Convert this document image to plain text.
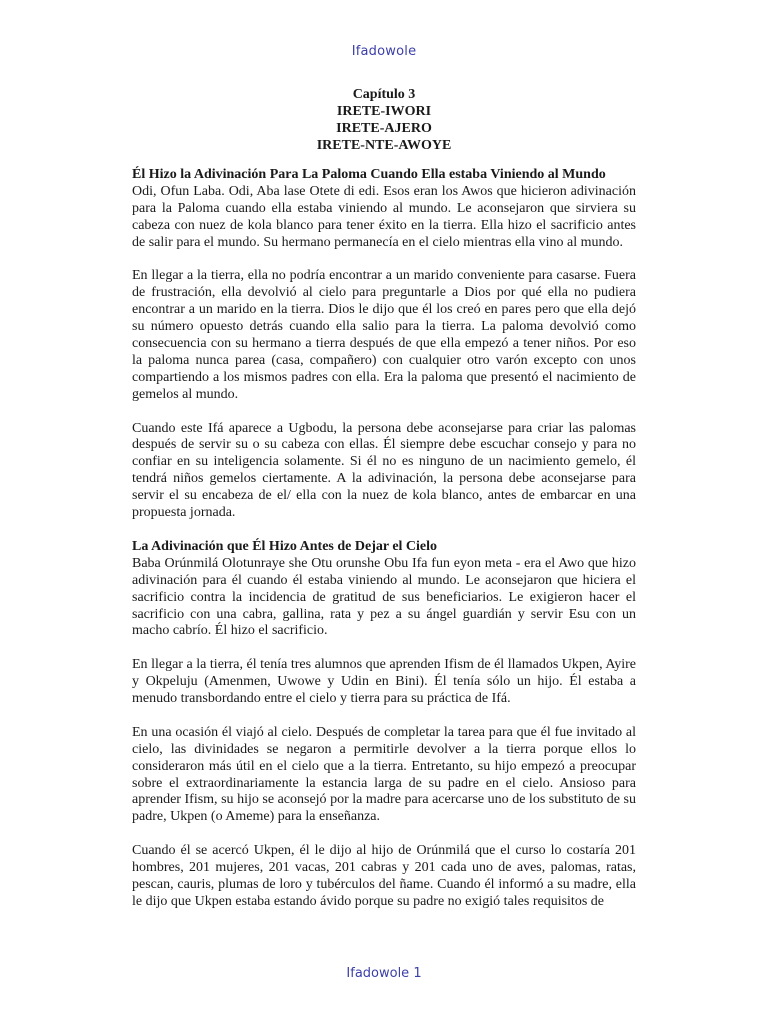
Ifadowole
Capítulo 3
IRETE-IWORI
IRETE-AJERO
IRETE-NTE-AWOYE

Él Hizo la Adivinación Para La Paloma Cuando Ella estaba Viniendo al Mundo

Odi, Ofun Laba. Odi, Aba lase Otete di edi. Esos eran los Awos que hicieron adivinación para la Paloma cuando ella estaba viniendo al mundo. Le aconsejaron que sirviera su cabeza con nuez de kola blanco para tener éxito en la tierra. Ella hizo el sacrificio antes de salir para el mundo. Su hermano permanecía en el cielo mientras ella vino al mundo.

En llegar a la tierra, ella no podría encontrar a un marido conveniente para casarse. Fuera de frustración, ella devolvió al cielo para preguntarle a Dios por qué ella no pudiera encontrar a un marido en la tierra. Dios le dijo que él los creó en pares pero que ella dejó su número opuesto detrás cuando ella salio para la tierra. La paloma devolvió como consecuencia con su hermano a tierra después de que ella empezó a tener niños. Por eso la paloma nunca parea (casa, compañero) con cualquier otro varón excepto con unos compartiendo a los mismos padres con ella. Era la paloma que presentó el nacimiento de gemelos al mundo.

Cuando este Ifá aparece a Ugbodu, la persona debe aconsejarse para criar las palomas después de servir su o su cabeza con ellas. Él siempre debe escuchar consejo y para no confiar en su inteligencia solamente. Si él no es ninguno de un nacimiento gemelo, él tendrá niños gemelos ciertamente. A la adivinación, la persona debe aconsejarse para servir el su encabeza de el/ ella con la nuez de kola blanco, antes de embarcar en una propuesta jornada.

La Adivinación que Él Hizo Antes de Dejar el Cielo

Baba Orúnmilá Olotunraye she Otu orunshe Obu Ifa fun eyon meta - era el Awo que hizo adivinación para él cuando él estaba viniendo al mundo. Le aconsejaron que hiciera el sacrificio contra la incidencia de gratitud de sus beneficiarios. Le exigieron hacer el sacrificio con una cabra, gallina, rata y pez a su ángel guardián y servir Esu con un macho cabrío. Él hizo el sacrificio.

En llegar a la tierra, él tenía tres alumnos que aprenden Ifism de él llamados Ukpen, Ayire y Okpeluju (Amenmen, Uwowe y Udin en Bini). Él tenía sólo un hijo. Él estaba a menudo transbordando entre el cielo y tierra para su práctica de Ifá.

En una ocasión él viajó al cielo. Después de completar la tarea para que él fue invitado al cielo, las divinidades se negaron a permitirle devolver a la tierra porque ellos lo consideraron más útil en el cielo que a la tierra. Entretanto, su hijo empezó a preocupar sobre el extraordinariamente la estancia larga de su padre en el cielo. Ansioso para aprender Ifism, su hijo se aconsejó por la madre para acercarse uno de los substituto de su padre, Ukpen (o Ameme) para la enseñanza.

Cuando él se acercó Ukpen, él le dijo al hijo de Orúnmilá que el curso lo costaría 201 hombres, 201 mujeres, 201 vacas, 201 cabras y 201 cada uno de aves, palomas, ratas, pescan, cauris, plumas de loro y tubérculos del ñame. Cuando él informó a su madre, ella le dijo que Ukpen estaba estando ávido porque su padre no exigió tales requisitos de

Ifadowole 1
